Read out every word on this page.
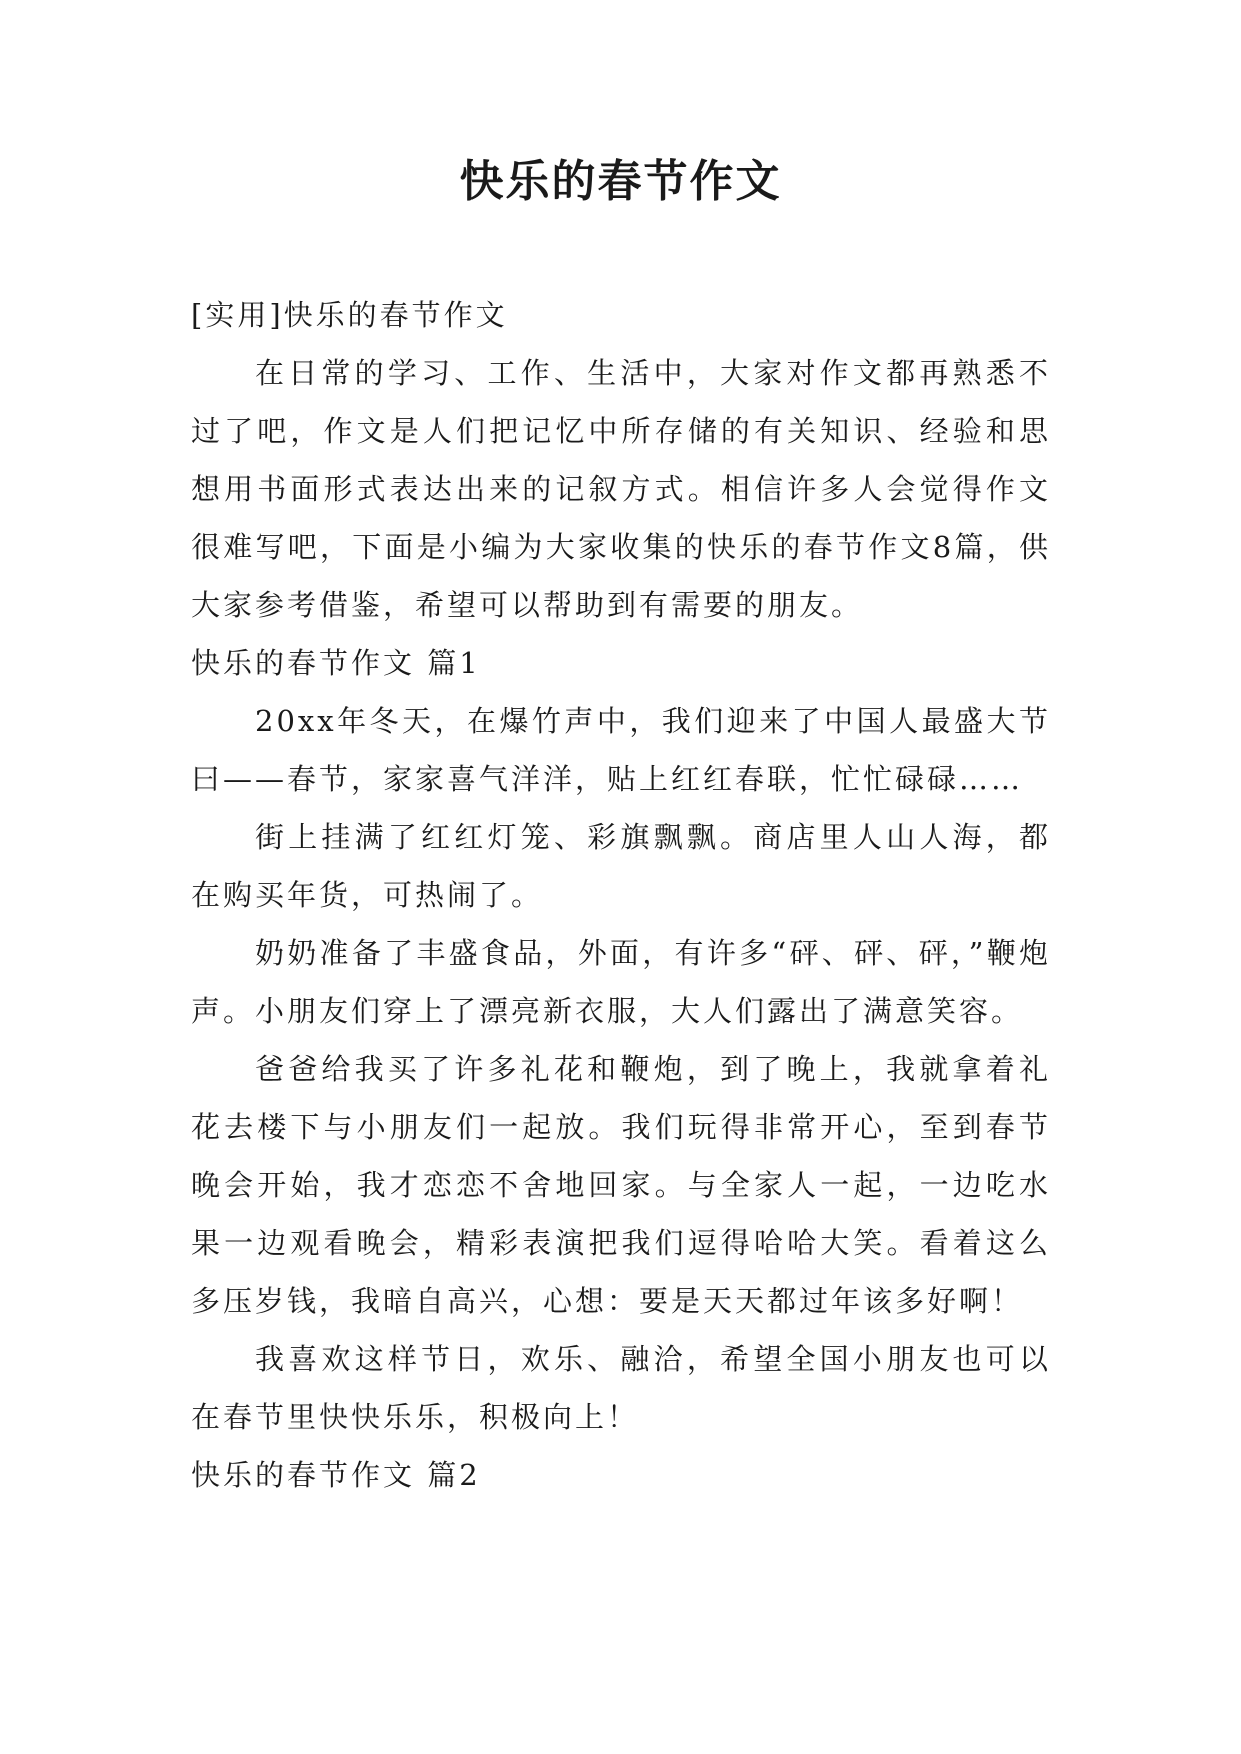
快乐的春节作文

[实用]快乐的春节作文

在日常的学习、工作、生活中，大家对作文都再熟悉不过了吧，作文是人们把记忆中所存储的有关知识、经验和思想用书面形式表达出来的记叙方式。相信许多人会觉得作文很难写吧，下面是小编为大家收集的快乐的春节作文8篇，供大家参考借鉴，希望可以帮助到有需要的朋友。

快乐的春节作文 篇1

20xx年冬天，在爆竹声中，我们迎来了中国人最盛大节曰——春节，家家喜气洋洋，贴上红红春联，忙忙碌碌……

街上挂满了红红灯笼、彩旗飘飘。商店里人山人海，都在购买年货，可热闹了。

奶奶准备了丰盛食品，外面，有许多“砰、砰、砰，”鞭炮声。小朋友们穿上了漂亮新衣服，大人们露出了满意笑容。

爸爸给我买了许多礼花和鞭炮，到了晚上，我就拿着礼花去楼下与小朋友们一起放。我们玩得非常开心，至到春节晚会开始，我才恋恋不舍地回家。与全家人一起，一边吃水果一边观看晚会，精彩表演把我们逗得哈哈大笑。看着这么多压岁钱，我暗自高兴，心想：要是天天都过年该多好啊！

我喜欢这样节日，欢乐、融洽，希望全国小朋友也可以在春节里快快乐乐，积极向上！

快乐的春节作文 篇2
